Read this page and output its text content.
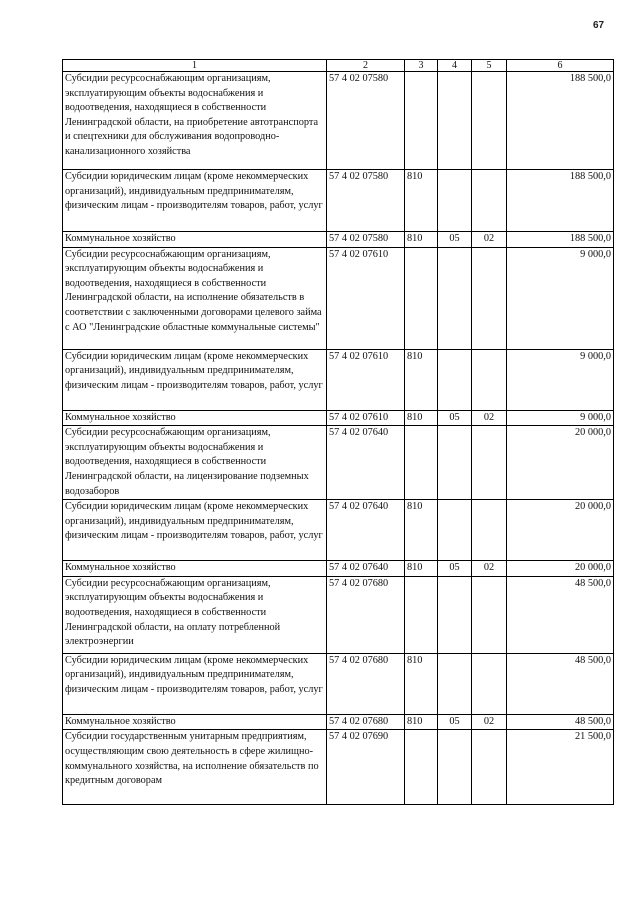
67
1	2	3	4	5	6
Субсидии ресурсоснабжающим организациям, эксплуатирующим объекты водоснабжения и водоотведения, находящиеся в собственности Ленинградской области, на приобретение автотранспорта и спецтехники для обслуживания водопроводно-канализационного хозяйства	57 4 02 07580				188 500,0
Субсидии юридическим лицам (кроме некоммерческих организаций), индивидуальным предпринимателям, физическим лицам - производителям товаров, работ, услуг	57 4 02 07580	810			188 500,0
Коммунальное хозяйство	57 4 02 07580	810	05	02	188 500,0
Субсидии ресурсоснабжающим организациям, эксплуатирующим объекты водоснабжения и водоотведения, находящиеся в собственности Ленинградской области, на исполнение обязательств в соответствии с заключенными договорами целевого займа с АО "Ленинградские областные коммунальные системы"	57 4 02 07610				9 000,0
Субсидии юридическим лицам (кроме некоммерческих организаций), индивидуальным предпринимателям, физическим лицам - производителям товаров, работ, услуг	57 4 02 07610	810			9 000,0
Коммунальное хозяйство	57 4 02 07610	810	05	02	9 000,0
Субсидии ресурсоснабжающим организациям, эксплуатирующим объекты водоснабжения и водоотведения, находящиеся в собственности Ленинградской области, на лицензирование подземных водозаборов	57 4 02 07640				20 000,0
Субсидии юридическим лицам (кроме некоммерческих организаций), индивидуальным предпринимателям, физическим лицам - производителям товаров, работ, услуг	57 4 02 07640	810			20 000,0
Коммунальное хозяйство	57 4 02 07640	810	05	02	20 000,0
Субсидии ресурсоснабжающим организациям, эксплуатирующим объекты водоснабжения и водоотведения, находящиеся в собственности Ленинградской области, на оплату потребленной электроэнергии	57 4 02 07680				48 500,0
Субсидии юридическим лицам (кроме некоммерческих организаций), индивидуальным предпринимателям, физическим лицам - производителям товаров, работ, услуг	57 4 02 07680	810			48 500,0
Коммунальное хозяйство	57 4 02 07680	810	05	02	48 500,0
Субсидии государственным унитарным предприятиям, осуществляющим свою деятельность в сфере жилищно-коммунального хозяйства, на исполнение обязательств по кредитным договорам	57 4 02 07690				21 500,0
